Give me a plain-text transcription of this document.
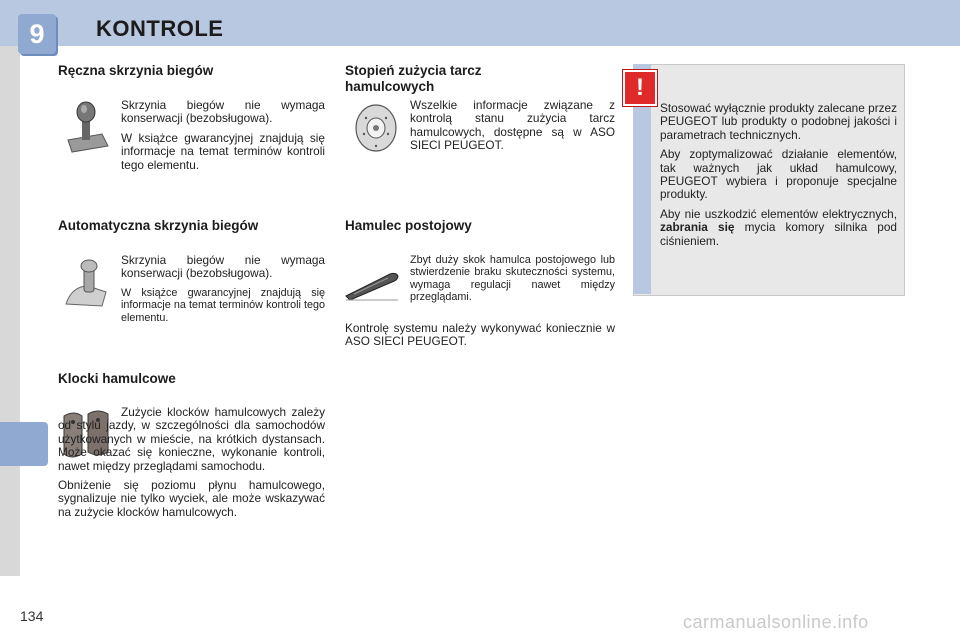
9	KONTROLE
Ręczna skrzynia biegów

Skrzynia biegów nie wymaga konserwacji (bezobsługowa).

W książce gwarancyjnej znajdują się informacje na temat terminów kontroli tego elementu.

Automatyczna skrzynia biegów

Skrzynia biegów nie wymaga konserwacji (bezobsługowa).

W książce gwarancyjnej znajdują się informacje na temat terminów kontroli tego elementu.

Klocki hamulcowe

Zużycie klocków hamulcowych zależy od stylu jazdy, w szczególności dla samochodów użytkowanych w mieście, na krótkich dystansach. Może okazać się konieczne, wykonanie kontroli, nawet między przeglądami samochodu.

Obniżenie się poziomu płynu hamulcowego, sygnalizuje nie tylko wyciek, ale może wskazywać na zużycie klocków hamulcowych.

Stopień zużycia tarcz hamulcowych

Wszelkie informacje związane z kontrolą stanu zużycia tarcz hamulcowych, dostępne są w ASO SIECI PEUGEOT.

Hamulec postojowy

Zbyt duży skok hamulca postojowego lub stwierdzenie braku skuteczności systemu, wymaga regulacji nawet między przeglądami.

Kontrolę systemu należy wykonywać koniecznie w ASO SIECI PEUGEOT.

!

Stosować wyłącznie produkty zalecane przez PEUGEOT lub produkty o podobnej jakości i parametrach technicznych.

Aby zoptymalizować działanie elementów, tak ważnych jak układ hamulcowy, PEUGEOT wybiera i proponuje specjalne produkty.

Aby nie uszkodzić elementów elektrycznych, zabrania się mycia komory silnika pod ciśnieniem.

134	carmanualsonline.info
